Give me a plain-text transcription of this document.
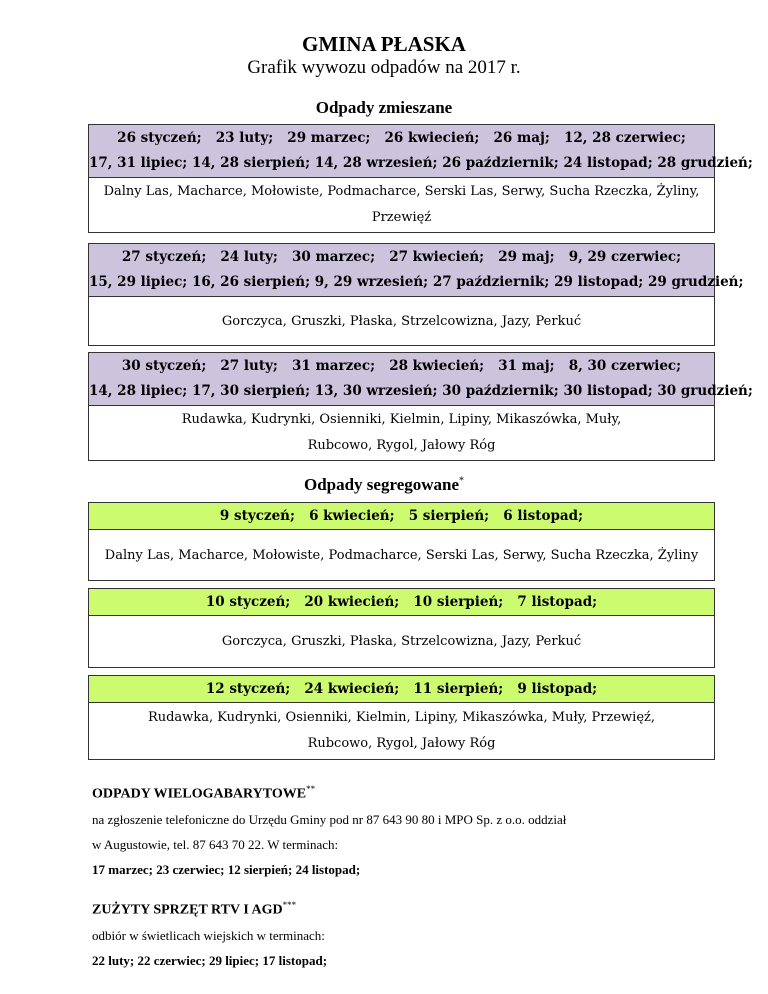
GMINA PŁASKA
Grafik wywozu odpadów na 2017 r.
Odpady zmieszane
26 styczeń;   23 luty;   29 marzec;   26 kwiecień;   26 maj;   12, 28 czerwiec;
17, 31 lipiec; 14, 28 sierpień; 14, 28 wrzesień; 26 październik; 24 listopad; 28 grudzień;
Dalny Las, Macharce, Mołowiste, Podmacharce, Serski Las, Serwy, Sucha Rzeczka, Żyliny,
Przewięź
27 styczeń;   24 luty;   30 marzec;   27 kwiecień;   29 maj;   9, 29 czerwiec;
15, 29 lipiec; 16, 26 sierpień; 9, 29 wrzesień; 27 październik; 29 listopad; 29 grudzień;
Gorczyca, Gruszki, Płaska, Strzelcowizna, Jazy, Perkuć
30 styczeń;   27 luty;   31 marzec;   28 kwiecień;   31 maj;   8, 30 czerwiec;
14, 28 lipiec; 17, 30 sierpień; 13, 30 wrzesień; 30 październik; 30 listopad; 30 grudzień;
Rudawka, Kudrynki, Osienniki, Kielmin, Lipiny, Mikaszówka, Muły,
Rubcowo, Rygol, Jałowy Róg
Odpady segregowane*
9 styczeń;   6 kwiecień;   5 sierpień;   6 listopad;
Dalny Las, Macharce, Mołowiste, Podmacharce, Serski Las, Serwy, Sucha Rzeczka, Żyliny
10 styczeń;   20 kwiecień;   10 sierpień;   7 listopad;
Gorczyca, Gruszki, Płaska, Strzelcowizna, Jazy, Perkuć
12 styczeń;   24 kwiecień;   11 sierpień;   9 listopad;
Rudawka, Kudrynki, Osienniki, Kielmin, Lipiny, Mikaszówka, Muły, Przewięź,
Rubcowo, Rygol, Jałowy Róg
ODPADY WIELOGABARYTOWE**
na zgłoszenie telefoniczne do Urzędu Gminy pod nr 87 643 90 80 i MPO Sp. z o.o. oddział
w Augustowie, tel. 87 643 70 22. W terminach:
17 marzec; 23 czerwiec; 12 sierpień; 24 listopad;
ZUŻYTY SPRZĘT RTV I AGD***
odbiór w świetlicach wiejskich w terminach:
22 luty; 22 czerwiec; 29 lipiec; 17 listopad;
